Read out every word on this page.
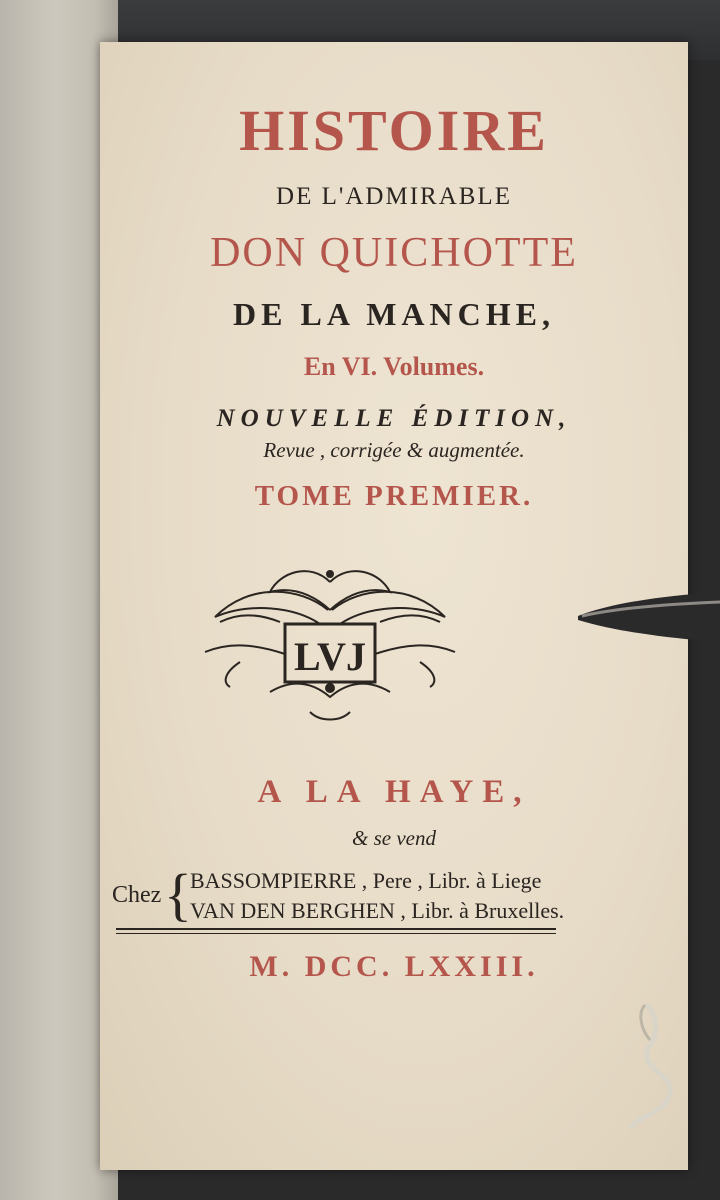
HISTOIRE
DE L'ADMIRABLE
DON QUICHOTTE
DE LA MANCHE,
En VI. Volumes.
NOUVELLE ÉDITION,
Revue , corrigée & augmentée.
TOME PREMIER.
LVJ
A LA HAYE,
& se vend
Chez {
BASSOMPIERRE , Pere , Libr. à Liege
VAN DEN BERGHEN , Libr. à Bruxelles.
M. DCC. LXXIII.
